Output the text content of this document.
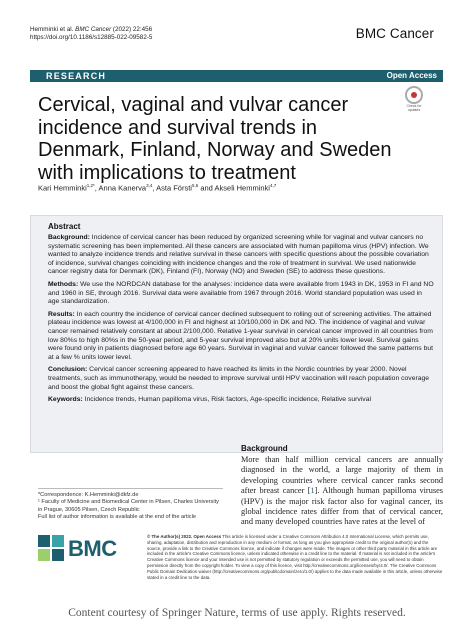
Hemminki et al. BMC Cancer (2022) 22:456
https://doi.org/10.1186/s12885-022-09582-5	BMC Cancer
RESEARCH	Open Access
Check for
updates
Cervical, vaginal and vulvar cancer incidence and survival trends in Denmark, Finland, Norway and Sweden with implications to treatment
Kari Hemminki$^{1,2*}$, Anna Kanerva$^{3,4}$, Asta Försti$^{5,6}$ and Akseli Hemminki$^{4,7}$
Abstract

Background: Incidence of cervical cancer has been reduced by organized screening while for vaginal and vulvar cancers no systematic screening has been implemented. All these cancers are associated with human papilloma virus (HPV) infection. We wanted to analyze incidence trends and relative survival in these cancers with specific questions about the possible covariation of incidence, survival changes coinciding with incidence changes and the role of treatment in survival. We used nationwide cancer registry data for Denmark (DK), Finland (FI), Norway (NO) and Sweden (SE) to address these questions.

Methods: We use the NORDCAN database for the analyses: incidence data were available from 1943 in DK, 1953 in FI and NO and 1960 in SE, through 2016. Survival data were available from 1967 through 2016. World standard population was used in age standardization.

Results: In each country the incidence of cervical cancer declined subsequent to rolling out of screening activities. The attained plateau incidence was lowest at 4/100,000 in FI and highest at 10/100,000 in DK and NO. The incidence of vaginal and vulvar cancer remained relatively constant at about 2/100,000. Relative 1-year survival in cervical cancer improved in all countries from low 80%s to high 80%s in the 50-year period, and 5-year survival improved also but at 20% units lower level. Survival gains were found only in patients diagnosed before age 60 years. Survival in vaginal and vulvar cancer followed the same patterns but at a few % units lower level.

Conclusion: Cervical cancer screening appeared to have reached its limits in the Nordic countries by year 2000. Novel treatments, such as immunotherapy, would be needed to improve survival until HPV vaccination will reach population coverage and boost the global fight against these cancers.

Keywords: Incidence trends, Human papilloma virus, Risk factors, Age-specific incidence, Relative survival

*Correspondence: K.Hemminki@dkfz.de
¹ Faculty of Medicine and Biomedical Center in Pilsen, Charles University in Prague, 30605 Pilsen, Czech Republic
Full list of author information is available at the end of the article
Background
More than half million cervical cancers are annually diagnosed in the world, a large majority of them in developing countries where cervical cancer ranks second after breast cancer [1]. Although human papilloma viruses (HPV) is the major risk factor also for vaginal cancer, its global incidence rates differ from that of cervical cancer, and many developed countries have rates at the level of
BMC	© The Author(s) 2022. Open Access This article is licensed under a Creative Commons Attribution 4.0 International License, which permits use, sharing, adaptation, distribution and reproduction in any medium or format, as long as you give appropriate credit to the original author(s) and the source, provide a link to the Creative Commons licence, and indicate if changes were made. The images or other third party material in this article are included in the article's Creative Commons licence, unless indicated otherwise in a credit line to the material. If material is not included in the article's Creative Commons licence and your intended use is not permitted by statutory regulation or exceeds the permitted use, you will need to obtain permission directly from the copyright holder. To view a copy of this licence, visit http://creativecommons.org/licenses/by/4.0/. The Creative Commons Public Domain Dedication waiver (http://creativecommons.org/publicdomain/zero/1.0/) applies to the data made available in this article, unless otherwise stated in a credit line to the data.
Content courtesy of Springer Nature, terms of use apply. Rights reserved.
